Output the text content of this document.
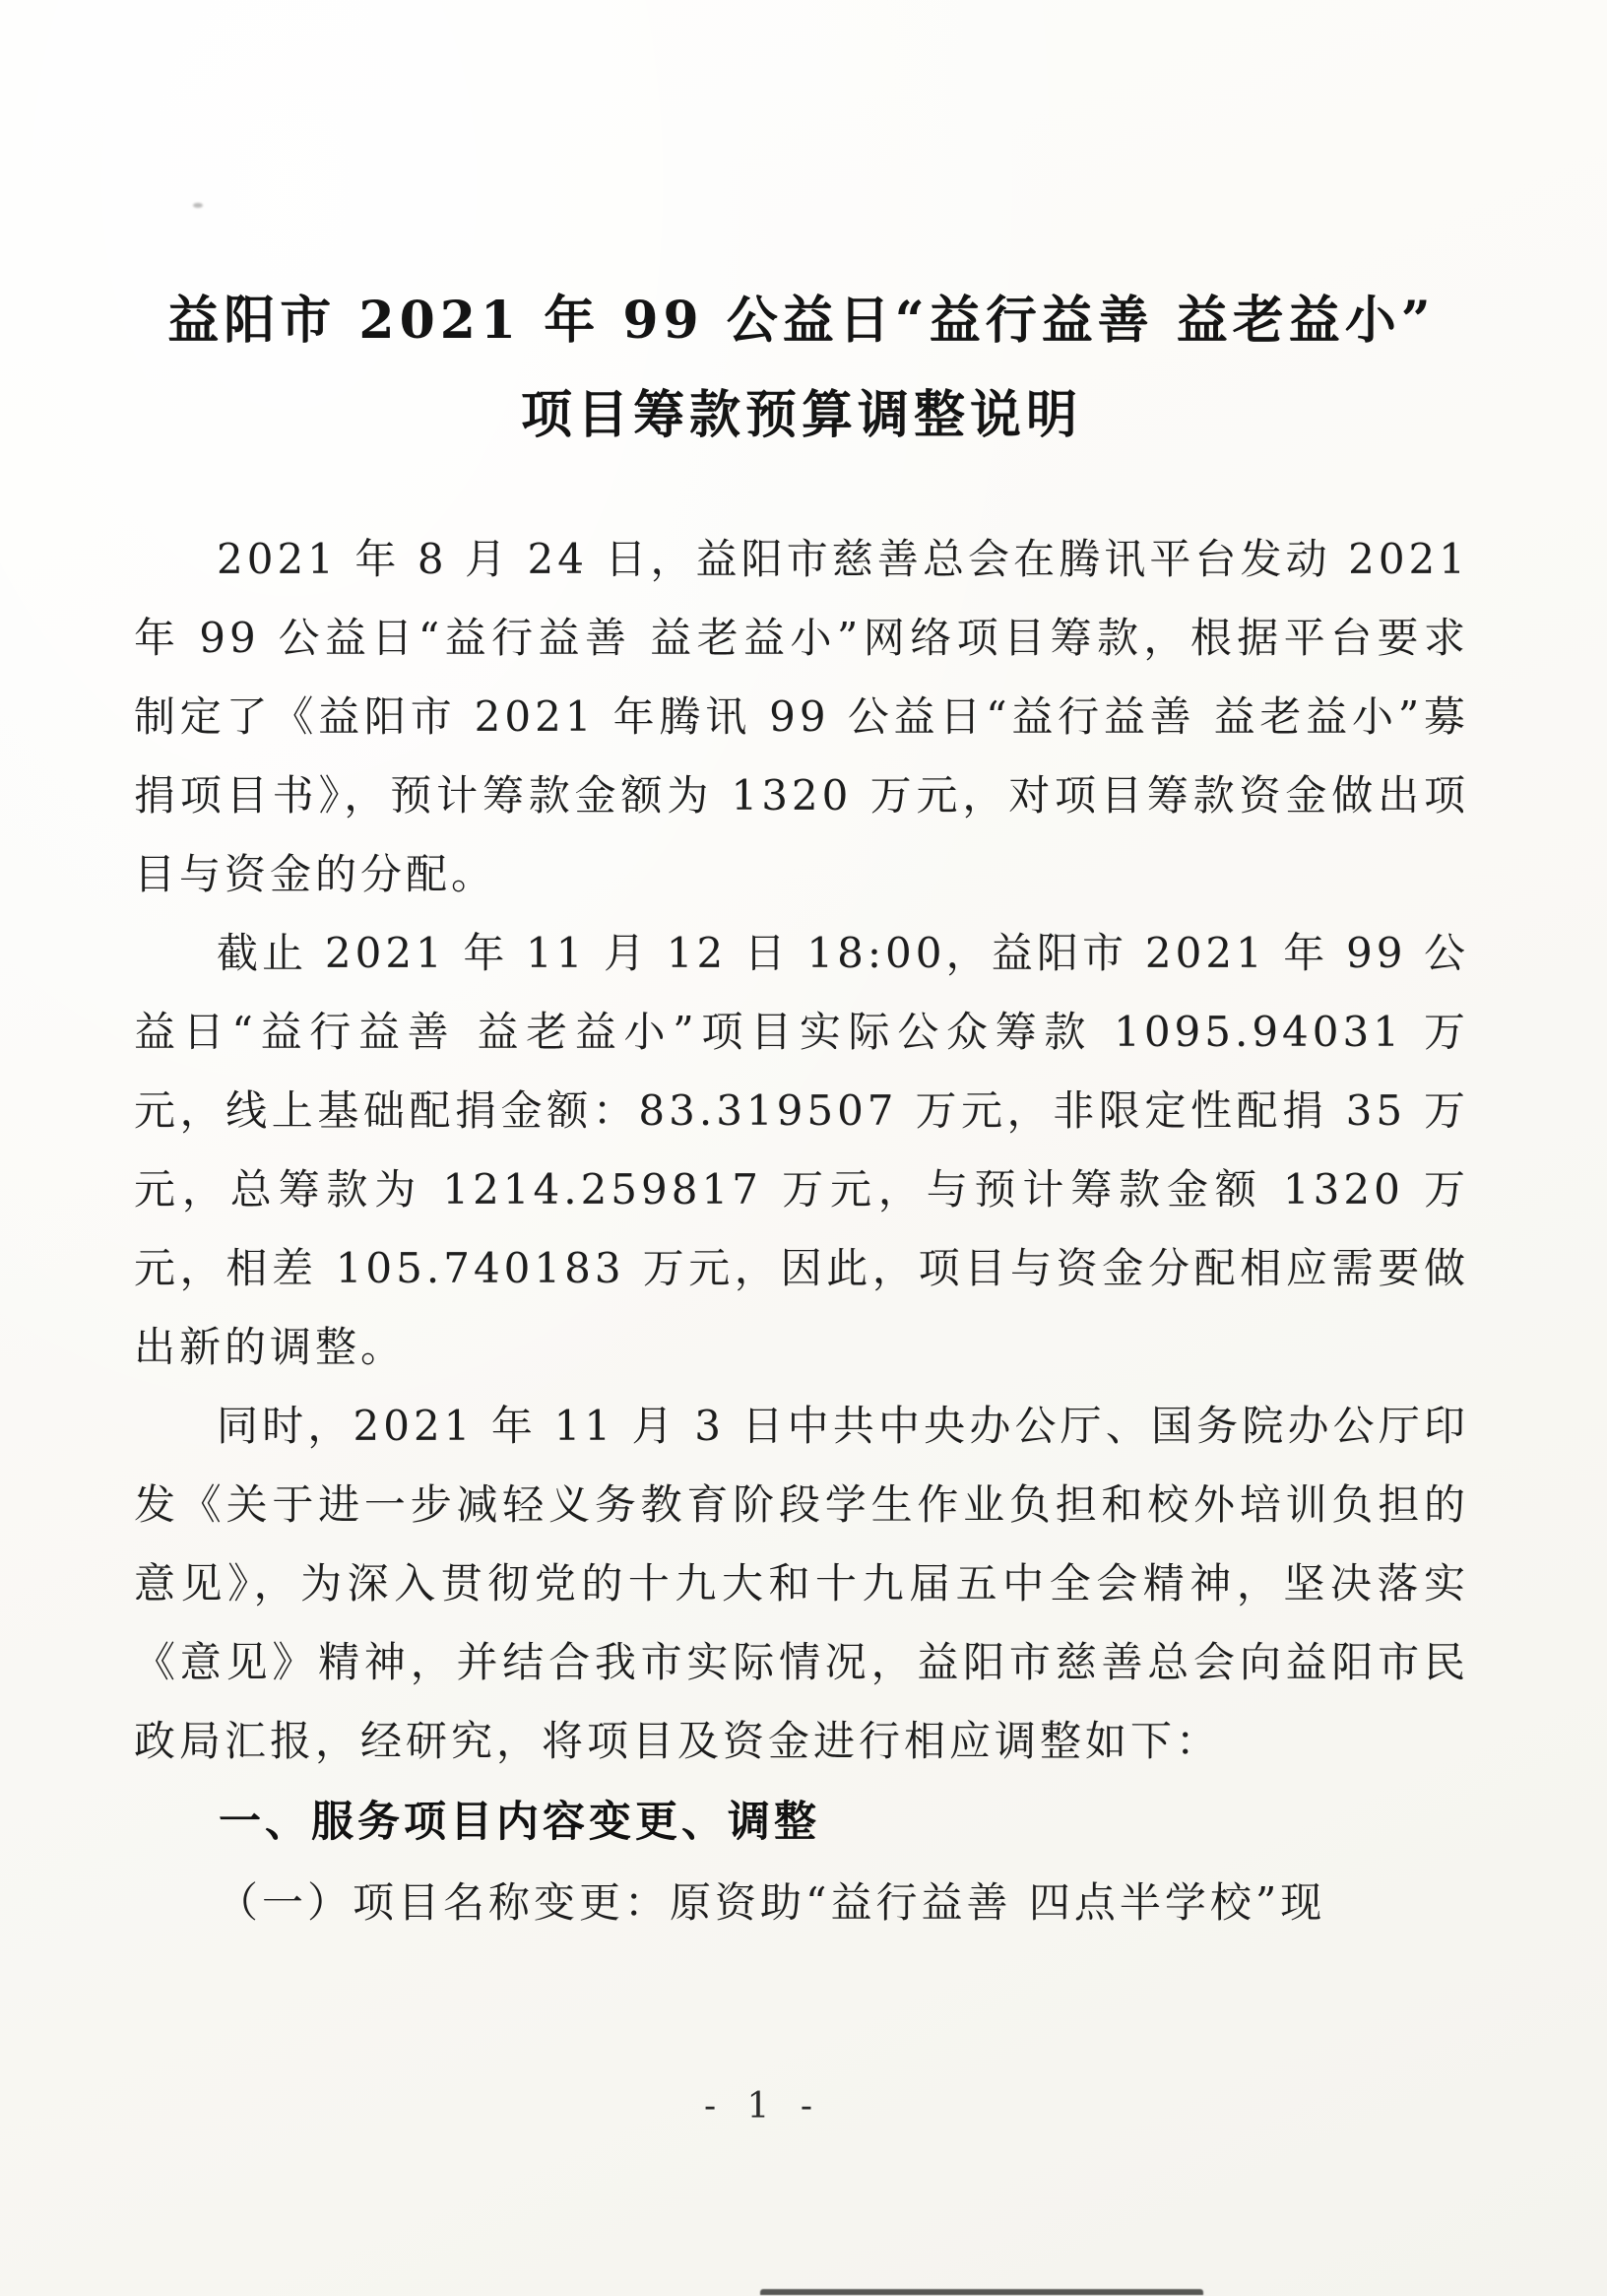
益阳市 2021 年 99 公益日“益行益善 益老益小”
项目筹款预算调整说明

2021 年 8 月 24 日，益阳市慈善总会在腾讯平台发动 2021 年 99 公益日“益行益善 益老益小”网络项目筹款，根据平台要求制定了《益阳市 2021 年腾讯 99 公益日“益行益善 益老益小”募捐项目书》，预计筹款金额为 1320 万元，对项目筹款资金做出项目与资金的分配。

截止 2021 年 11 月 12 日 18:00，益阳市 2021 年 99 公益日“益行益善 益老益小”项目实际公众筹款 1095.94031 万元，线上基础配捐金额：83.319507 万元，非限定性配捐 35 万元，总筹款为 1214.259817 万元，与预计筹款金额 1320 万元，相差 105.740183 万元，因此，项目与资金分配相应需要做出新的调整。

同时，2021 年 11 月 3 日中共中央办公厅、国务院办公厅印发《关于进一步减轻义务教育阶段学生作业负担和校外培训负担的意见》，为深入贯彻党的十九大和十九届五中全会精神，坚决落实《意见》精神，并结合我市实际情况，益阳市慈善总会向益阳市民政局汇报，经研究，将项目及资金进行相应调整如下：

一、服务项目内容变更、调整

（一）项目名称变更：原资助“益行益善 四点半学校”现

- 1 -
